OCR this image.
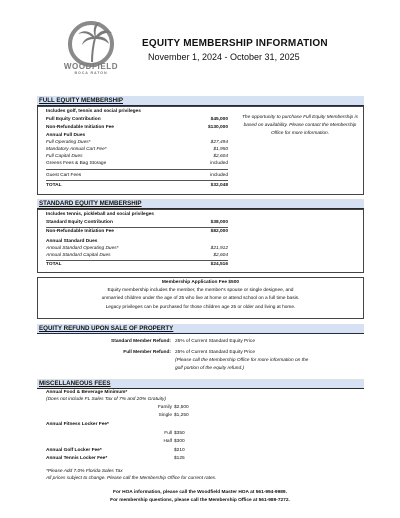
WOODFIELD
BOCA RATON
EQUITY MEMBERSHIP INFORMATION
November 1, 2024 - October 31, 2025
FULL EQUITY MEMBERSHIP
Includes golf, tennis and social privileges
Full Equity Contribution	$45,000
Non-Refundable Initiation Fee	$130,000
Annual Full Dues
Full Operating Dues*	$27,494
Mandatory Annual Cart Fee*	$1,950
Full Capital Dues	$2,604
Greens Fees & Bag Storage	included
Guest Cart Fees	included
TOTAL	$32,048
The opportunity to purchase Full Equity Membership is based on availability. Please contact the Membership Office for more information.
STANDARD EQUITY MEMBERSHIP
Includes tennis, pickleball and social privileges
Standard Equity Contribution	$38,000
Non-Refundable Initiation Fee	$82,000
Annual Standard Dues
Annual Standard Operating Dues*	$21,912
Annual Standard Capital Dues	$2,604
TOTAL	$24,516
Membership Application Fee $500
Equity membership includes the member, the member's spouse or single designee, and
unmarried children under the age of 25 who live at home or attend school on a full time basis.
Legacy privileges can be purchased for those children age 25 or older and living at home.
EQUITY REFUND UPON SALE OF PROPERTY
Standard Member Refund: 25% of Current Standard Equity Price
Full Member Refund: 25% of Current Standard Equity Price
(Please call the Membership Office for more information on the
golf portion of the equity refund.)
MISCELLANEOUS FEES
Annual Food & Beverage Minimum*
(Does not include FL Sales Tax of 7% and 20% Gratuity)
Family $2,500
Single $1,250
Annual Fitness Locker Fee*
Full $350
Half $300
Annual Golf Locker Fee*	$210
Annual Tennis Locker Fee*	$125
*Please Add 7.0% Florida Sales Tax
All prices subject to change. Please call the Membership Office for current rates.
For HOA information, please call the Woodfield Master HOA at 561-994-9989.
For membership questions, please call the Membership Office at 561-989-7272.
